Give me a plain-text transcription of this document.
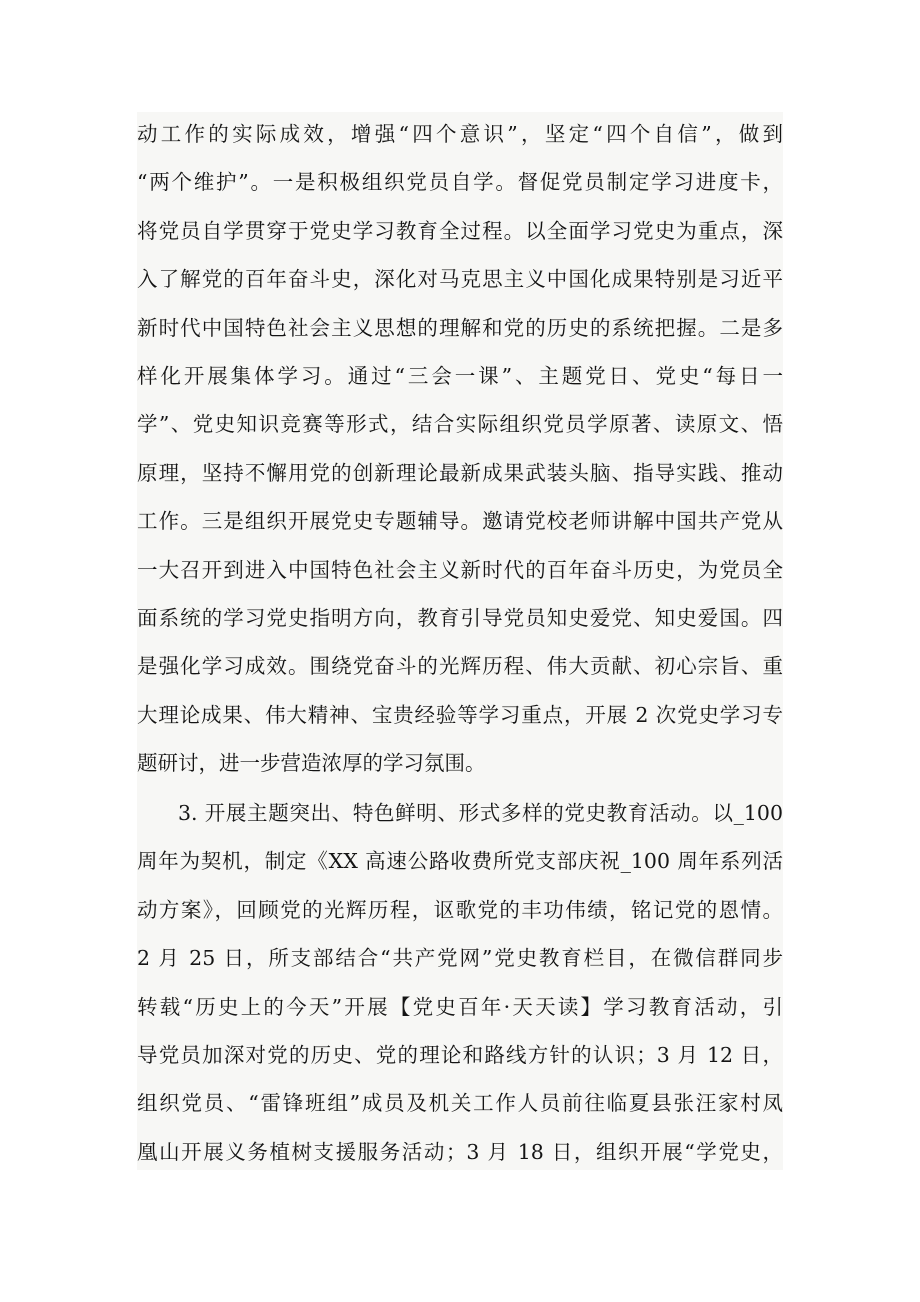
动工作的实际成效，增强“四个意识”，坚定“四个自信”，做到
“两个维护”。一是积极组织党员自学。督促党员制定学习进度卡，
将党员自学贯穿于党史学习教育全过程。以全面学习党史为重点，深
入了解党的百年奋斗史，深化对马克思主义中国化成果特别是习近平
新时代中国特色社会主义思想的理解和党的历史的系统把握。二是多
样化开展集体学习。通过“三会一课”、主题党日、党史“每日一
学”、党史知识竞赛等形式，结合实际组织党员学原著、读原文、悟
原理，坚持不懈用党的创新理论最新成果武装头脑、指导实践、推动
工作。三是组织开展党史专题辅导。邀请党校老师讲解中国共产党从
一大召开到进入中国特色社会主义新时代的百年奋斗历史，为党员全
面系统的学习党史指明方向，教育引导党员知史爱党、知史爱国。四
是强化学习成效。围绕党奋斗的光辉历程、伟大贡献、初心宗旨、重
大理论成果、伟大精神、宝贵经验等学习重点，开展 2 次党史学习专
题研讨，进一步营造浓厚的学习氛围。
3. 开展主题突出、特色鲜明、形式多样的党史教育活动。以_100
周年为契机，制定《XX 高速公路收费所党支部庆祝_100 周年系列活
动方案》，回顾党的光辉历程，讴歌党的丰功伟绩，铭记党的恩情。
2 月 25 日，所支部结合“共产党网”党史教育栏目，在微信群同步
转载“历史上的今天”开展【党史百年·天天读】学习教育活动，引
导党员加深对党的历史、党的理论和路线方针的认识；3 月 12 日，
组织党员、“雷锋班组”成员及机关工作人员前往临夏县张汪家村凤
凰山开展义务植树支援服务活动；3 月 18 日，组织开展“学党史，
